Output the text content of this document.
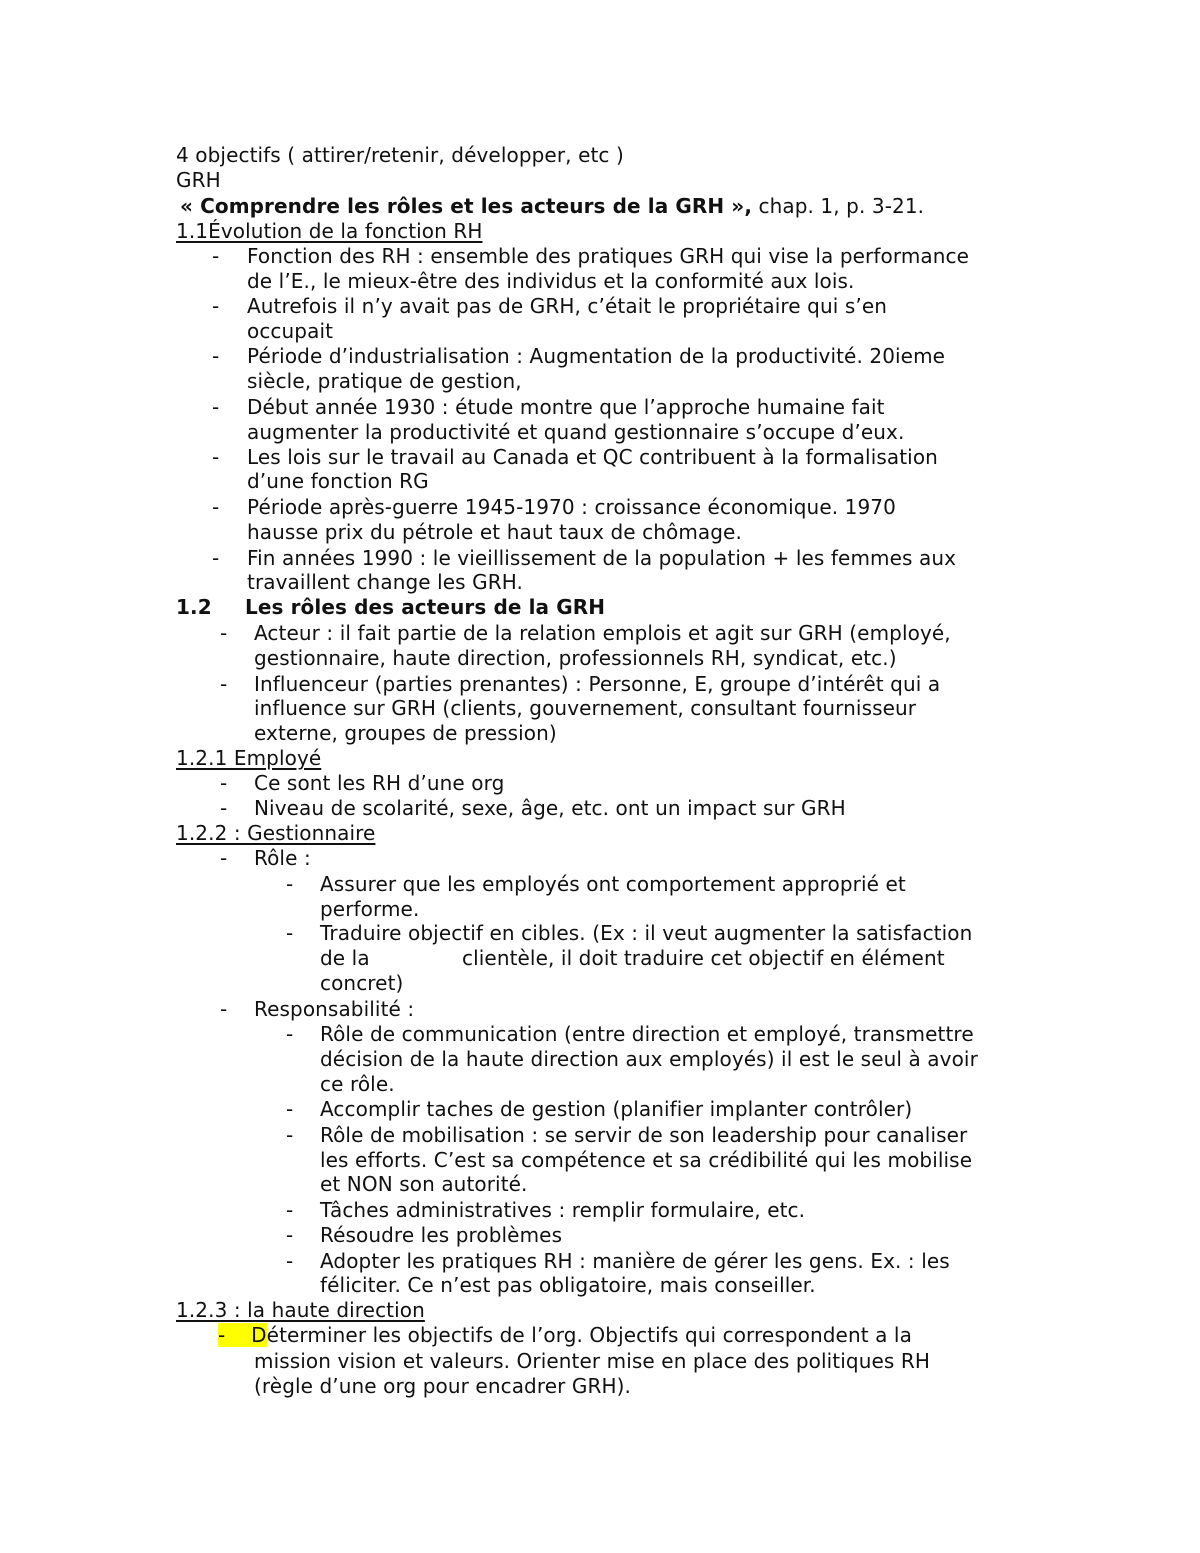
4 objectifs ( attirer/retenir, développer, etc )
GRH
« Comprendre les rôles et les acteurs de la GRH », chap. 1, p. 3-21.
1.1Évolution de la fonction RH
- Fonction des RH : ensemble des pratiques GRH qui vise la performance
de l’E., le mieux-être des individus et la conformité aux lois.
- Autrefois il n’y avait pas de GRH, c’était le propriétaire qui s’en
occupait
- Période d’industrialisation : Augmentation de la productivité. 20ieme
siècle, pratique de gestion,
- Début année 1930 : étude montre que l’approche humaine fait
augmenter la productivité et quand gestionnaire s’occupe d’eux.
- Les lois sur le travail au Canada et QC contribuent à la formalisation
d’une fonction RG
- Période après-guerre 1945-1970 : croissance économique. 1970
hausse prix du pétrole et haut taux de chômage.
- Fin années 1990 : le vieillissement de la population + les femmes aux
travaillent change les GRH.
1.2 Les rôles des acteurs de la GRH
- Acteur : il fait partie de la relation emplois et agit sur GRH (employé,
gestionnaire, haute direction, professionnels RH, syndicat, etc.)
- Influenceur (parties prenantes) : Personne, E, groupe d’intérêt qui a
influence sur GRH (clients, gouvernement, consultant fournisseur
externe, groupes de pression)
1.2.1 Employé
- Ce sont les RH d’une org
- Niveau de scolarité, sexe, âge, etc. ont un impact sur GRH
1.2.2 : Gestionnaire
- Rôle :
- Assurer que les employés ont comportement approprié et
performe.
- Traduire objectif en cibles. (Ex : il veut augmenter la satisfaction
de la	clientèle, il doit traduire cet objectif en élément
concret)
- Responsabilité :
- Rôle de communication (entre direction et employé, transmettre
décision de la haute direction aux employés) il est le seul à avoir
ce rôle.
- Accomplir taches de gestion (planifier implanter contrôler)
- Rôle de mobilisation : se servir de son leadership pour canaliser
les efforts. C’est sa compétence et sa crédibilité qui les mobilise
et NON son autorité.
- Tâches administratives : remplir formulaire, etc.
- Résoudre les problèmes
- Adopter les pratiques RH : manière de gérer les gens. Ex. : les
féliciter. Ce n’est pas obligatoire, mais conseiller.
1.2.3 : la haute direction
-    Déterminer les objectifs de l’org. Objectifs qui correspondent a la
mission vision et valeurs. Orienter mise en place des politiques RH
(règle d’une org pour encadrer GRH).
